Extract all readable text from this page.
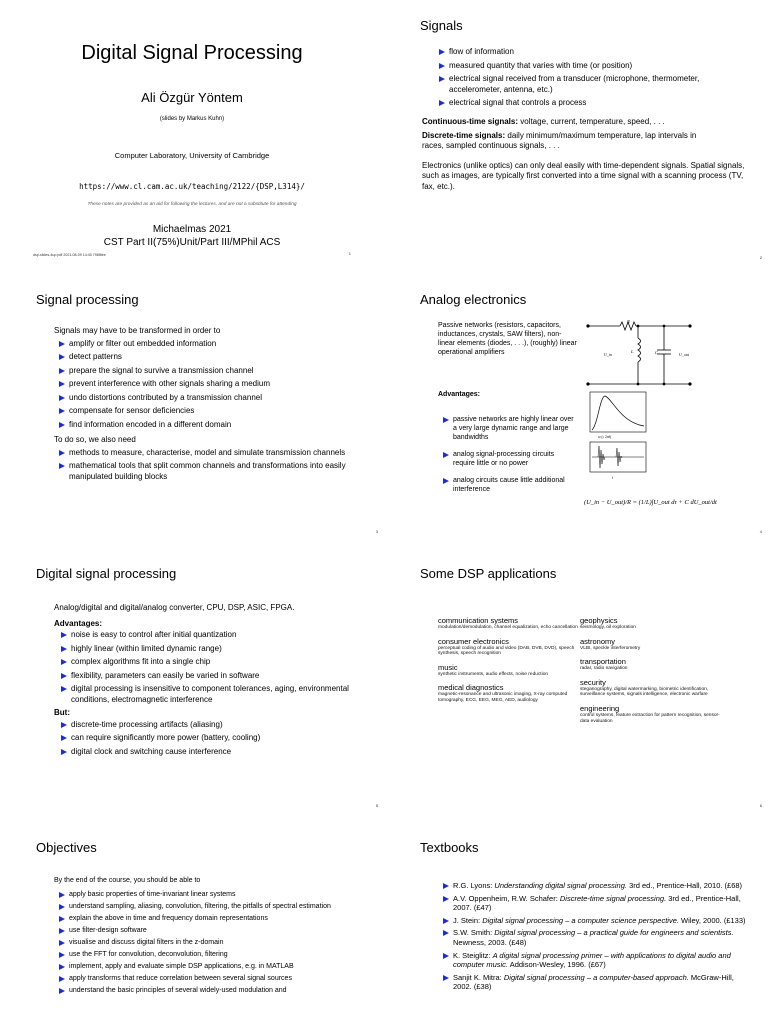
Digital Signal Processing
Ali Özgür Yöntem
(slides by Markus Kuhn)
Computer Laboratory, University of Cambridge
https://www.cl.cam.ac.uk/teaching/2122/{DSP,L314}/
These notes are provided as an aid for following the lectures, and are not a substitute for attending
Michaelmas 2021
CST Part II(75%)Unit/Part III/MPhil ACS
dsp-slides-4up.pdf 2021-08-09 14:40 798f8ee	1
Signals
flow of information
measured quantity that varies with time (or position)
electrical signal received from a transducer (microphone, thermometer, accelerometer, antenna, etc.)
electrical signal that controls a process
Continuous-time signals: voltage, current, temperature, speed, . . .
Discrete-time signals: daily minimum/maximum temperature, lap intervals in races, sampled continuous signals, . . .
Electronics (unlike optics) can only deal easily with time-dependent signals. Spatial signals, such as images, are typically first converted into a time signal with a scanning process (TV, fax, etc.).
2
Signal processing
Signals may have to be transformed in order to
amplify or filter out embedded information
detect patterns
prepare the signal to survive a transmission channel
prevent interference with other signals sharing a medium
undo distortions contributed by a transmission channel
compensate for sensor deficiencies
find information encoded in a different domain
To do so, we also need
methods to measure, characterise, model and simulate transmission channels
mathematical tools that split common channels and transformations into easily manipulated building blocks
3
Analog electronics
Passive networks (resistors, capacitors, inductances, crystals, SAW filters), non-linear elements (diodes, . . .), (roughly) linear operational amplifiers
Advantages:
passive networks are highly linear over a very large dynamic range and large bandwidths
analog signal-processing circuits require little or no power
analog circuits cause little additional interference
R
L	C
U_in	U_out
ω (= 2πf)
t
(U_in − U_out)/R = (1/L)∫U_out dτ + C dU_out/dt
4
Digital signal processing
Analog/digital and digital/analog converter, CPU, DSP, ASIC, FPGA.
Advantages:
noise is easy to control after initial quantization
highly linear (within limited dynamic range)
complex algorithms fit into a single chip
flexibility, parameters can easily be varied in software
digital processing is insensitive to component tolerances, aging, environmental conditions, electromagnetic interference
But:
discrete-time processing artifacts (aliasing)
can require significantly more power (battery, cooling)
digital clock and switching cause interference
5
Some DSP applications
communication systems
modulation/demodulation, channel equalization, echo cancellation
consumer electronics
perceptual coding of audio and video (DAB, DVB, DVD), speech synthesis, speech recognition
music
synthetic instruments, audio effects, noise reduction
medical diagnostics
magnetic-resonance and ultrasonic imaging, X-ray computed tomography, ECG, EEG, MEG, AED, audiology
geophysics
seismology, oil exploration
astronomy
VLBI, speckle interferometry
transportation
radar, radio navigation
security
steganography, digital watermarking, biometric identification, surveillance systems, signals intelligence, electronic warfare
engineering
control systems, feature extraction for pattern recognition, sensor-data evaluation
6
Objectives
By the end of the course, you should be able to
apply basic properties of time-invariant linear systems
understand sampling, aliasing, convolution, filtering, the pitfalls of spectral estimation
explain the above in time and frequency domain representations
use filter-design software
visualise and discuss digital filters in the z-domain
use the FFT for convolution, deconvolution, filtering
implement, apply and evaluate simple DSP applications, e.g. in MATLAB
apply transforms that reduce correlation between several signal sources
understand the basic principles of several widely-used modulation and
Textbooks
R.G. Lyons: Understanding digital signal processing. 3rd ed., Prentice-Hall, 2010. (£68)
A.V. Oppenheim, R.W. Schafer: Discrete-time signal processing. 3rd ed., Prentice-Hall, 2007. (£47)
J. Stein: Digital signal processing – a computer science perspective. Wiley, 2000. (£133)
S.W. Smith: Digital signal processing – a practical guide for engineers and scientists. Newness, 2003. (£48)
K. Steiglitz: A digital signal processing primer – with applications to digital audio and computer music. Addison-Wesley, 1996. (£67)
Sanjit K. Mitra: Digital signal processing – a computer-based approach. McGraw-Hill, 2002. (£38)
